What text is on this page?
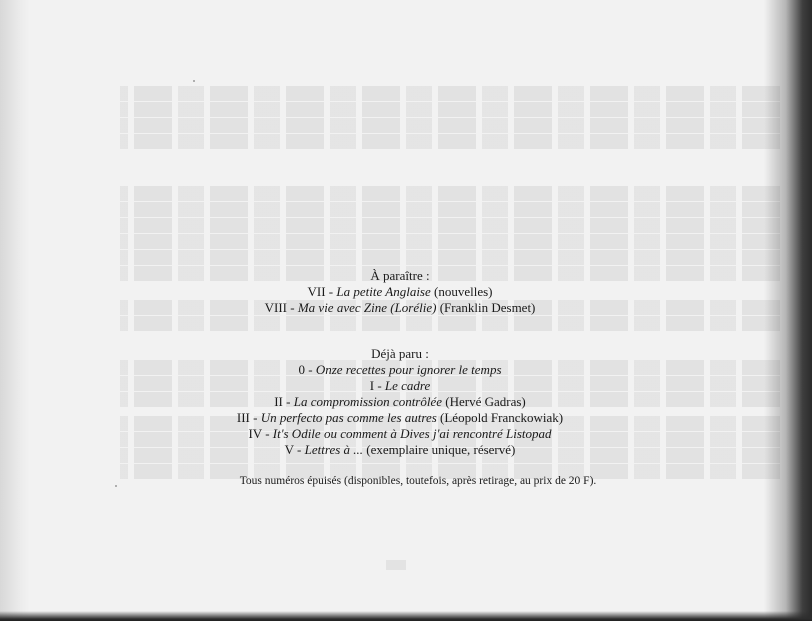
À paraître :
VII - La petite Anglaise (nouvelles)
VIII - Ma vie avec Zine (Lorélie) (Franklin Desmet)
Déjà paru :
0 - Onze recettes pour ignorer le temps
I - Le cadre
II - La compromission contrôlée (Hervé Gadras)
III - Un perfecto pas comme les autres (Léopold Franckowiak)
IV - It's Odile ou comment à Dives j'ai rencontré Listopad
V - Lettres à ... (exemplaire unique, réservé)
Tous numéros épuisés (disponibles, toutefois, après retirage, au prix de 20 F).
